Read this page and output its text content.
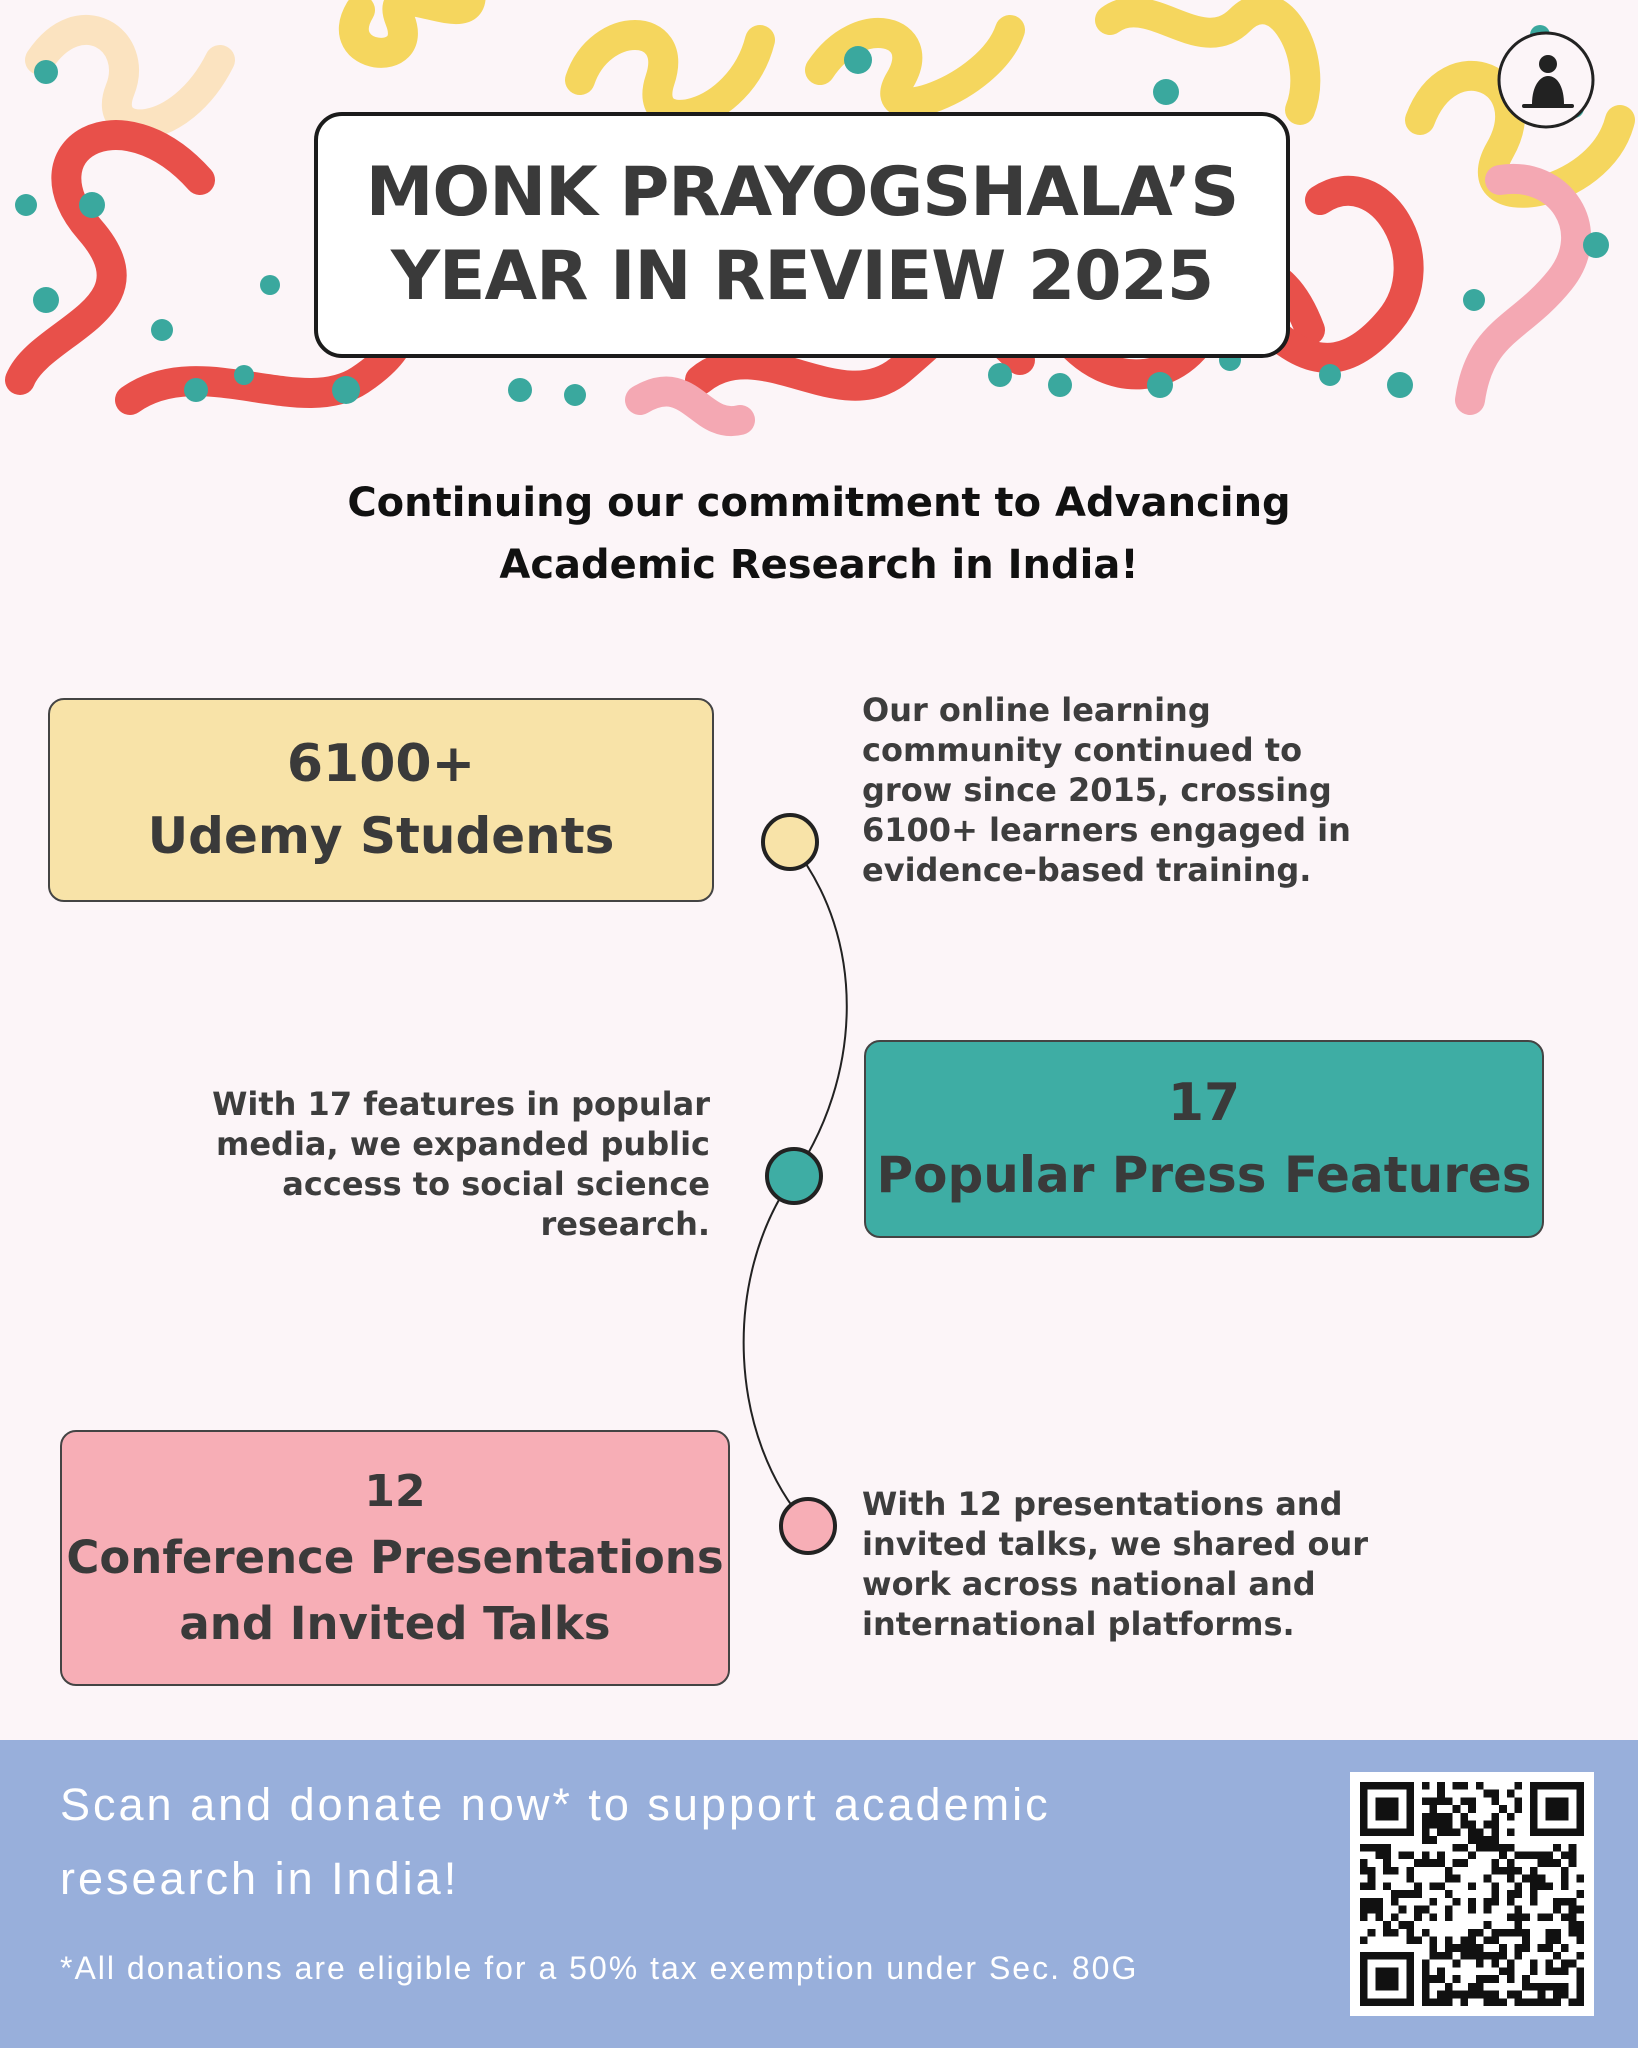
MONK PRAYOGSHALA’S
YEAR IN REVIEW 2025
Continuing our commitment to Advancing
Academic Research in India!
6100+
Udemy Students
Our online learning
community continued to
grow since 2015, crossing
6100+ learners engaged in
evidence-based training.
With 17 features in popular
media, we expanded public
access to social science
research.
17
Popular Press Features
12
Conference Presentations
and Invited Talks
With 12 presentations and
invited talks, we shared our
work across national and
international platforms.
Scan and donate now* to support academic
research in India!
*All donations are eligible for a 50% tax exemption under Sec. 80G
